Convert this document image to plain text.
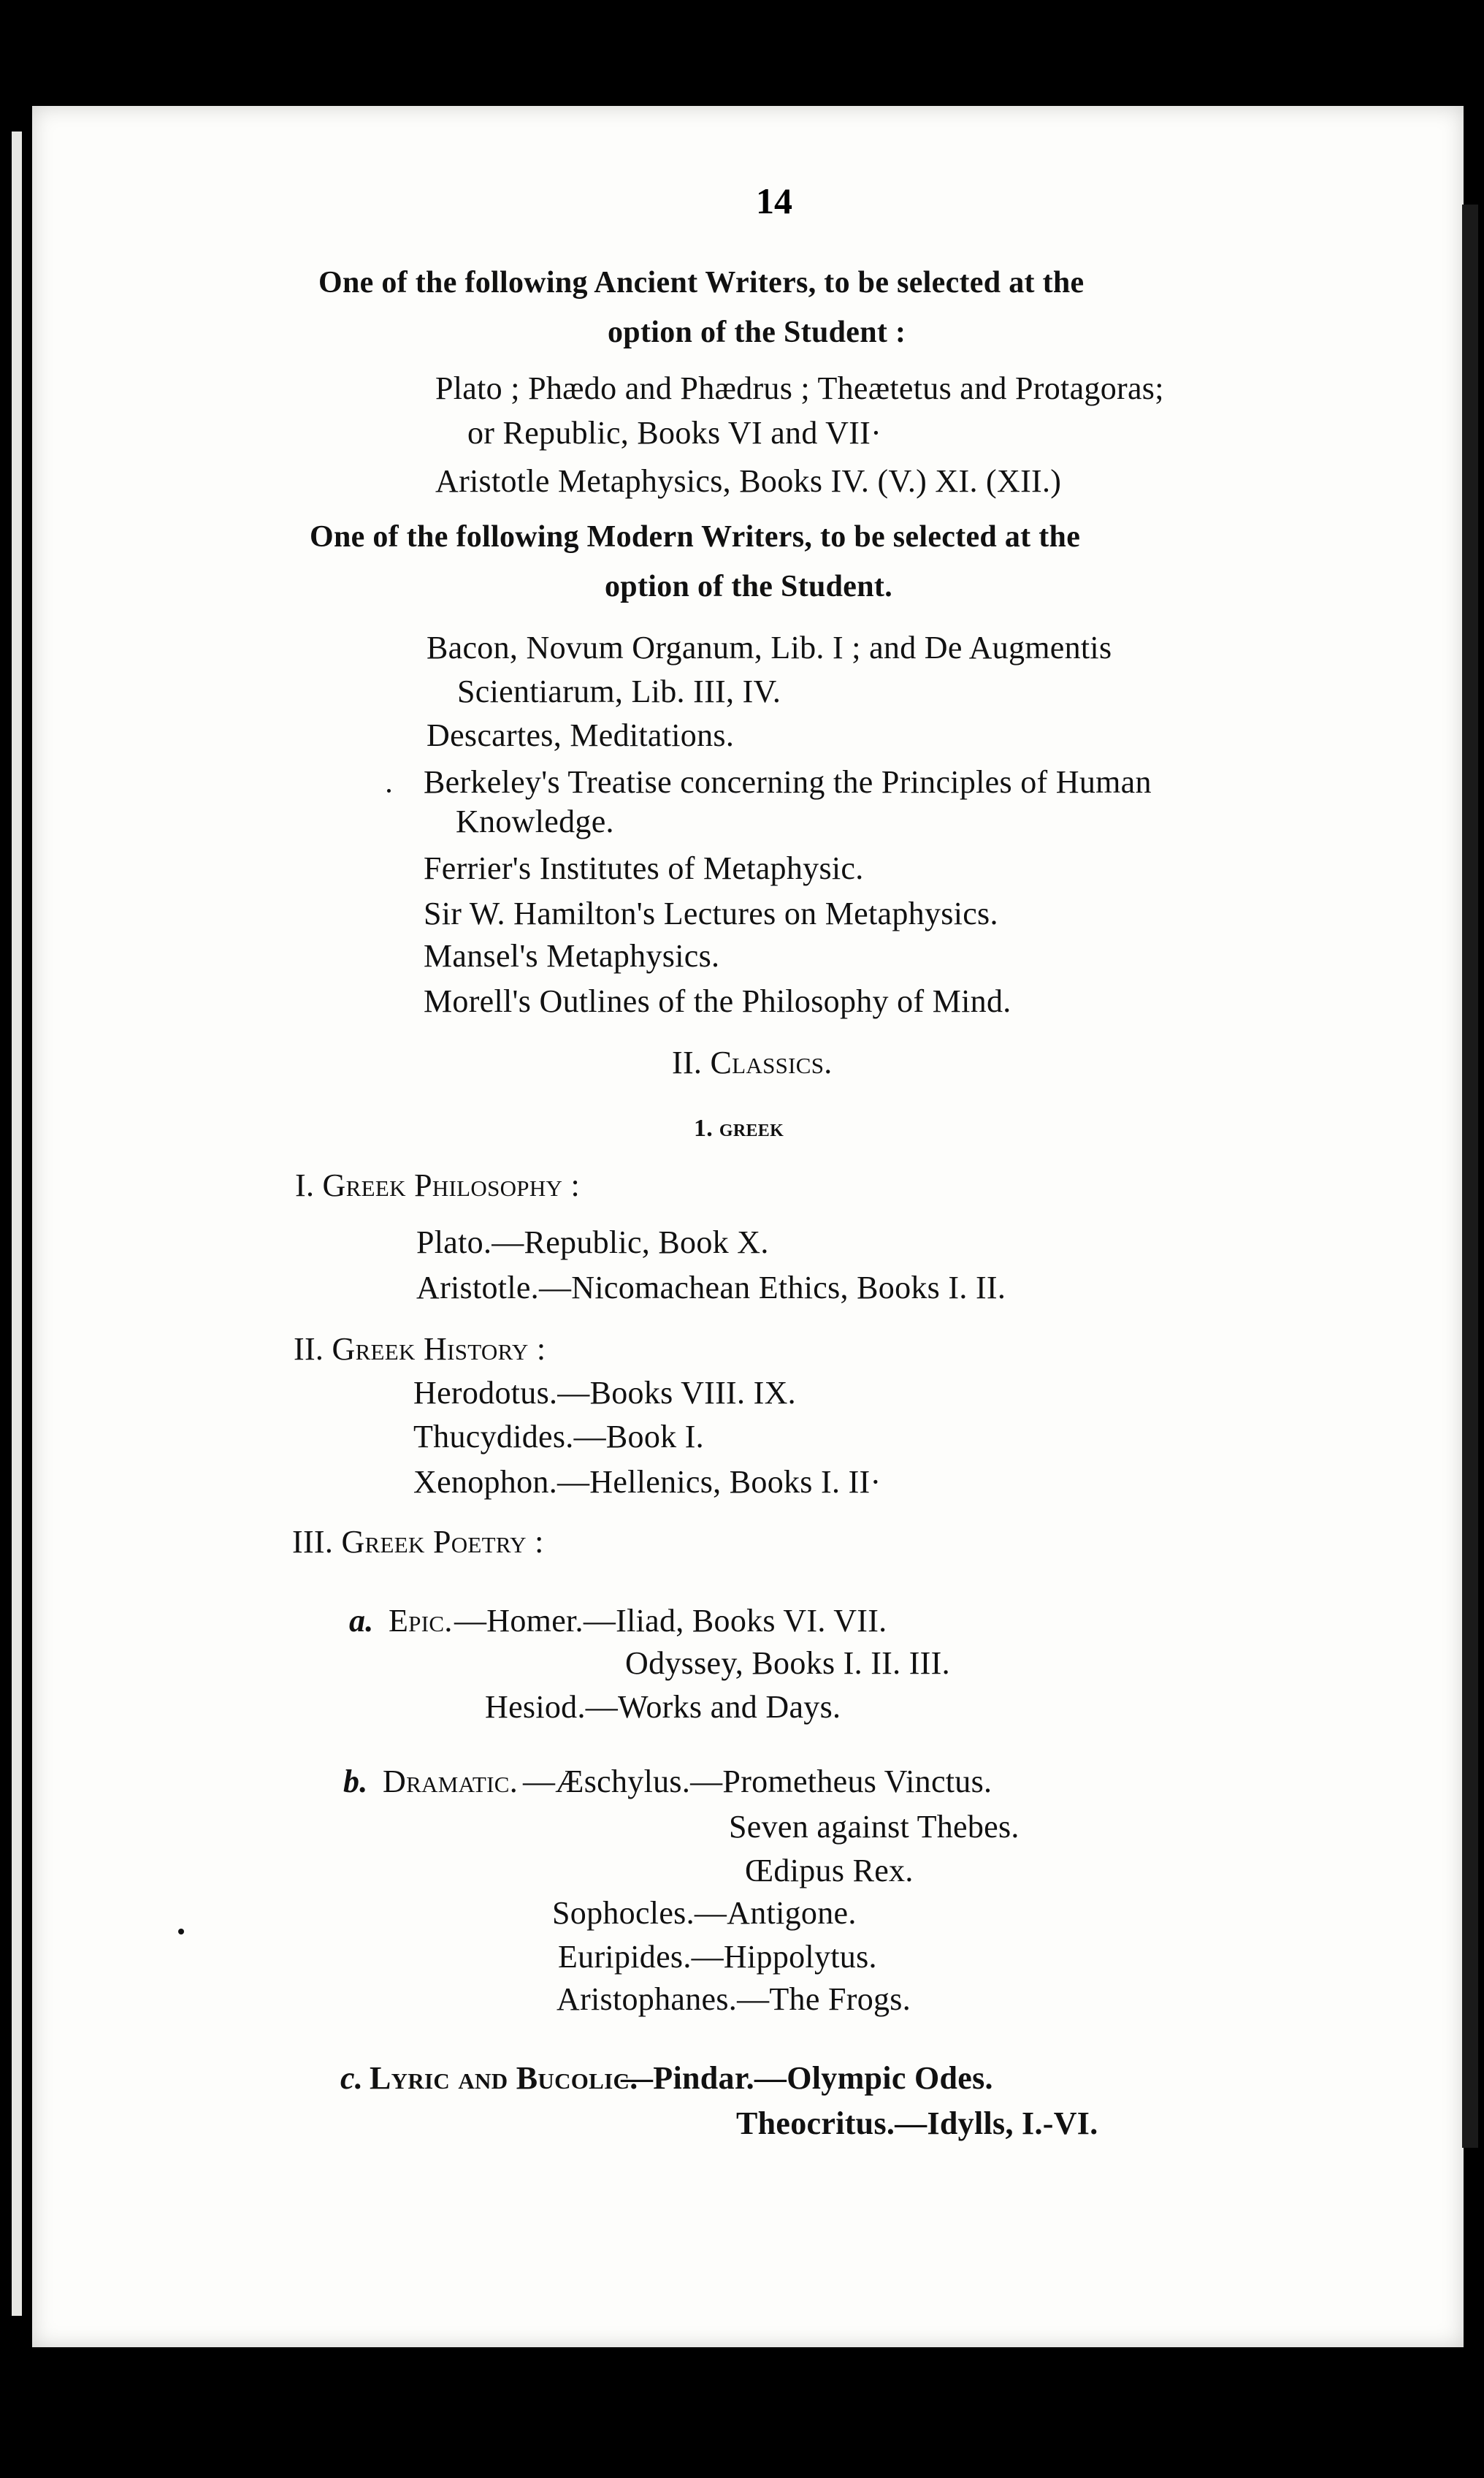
14
One of the following Ancient Writers, to be selected at the
option of the Student :
Plato ; Phædo and Phædrus ; Theætetus and Protagoras;
or Republic, Books VI and VII·
Aristotle Metaphysics, Books IV. (V.) XI. (XII.)
One of the following Modern Writers, to be selected at the
option of the Student.
Bacon, Novum Organum, Lib. I ; and De Augmentis
Scientiarum, Lib. III, IV.
Descartes, Meditations.
Berkeley's Treatise concerning the Principles of Human
Knowledge.
Ferrier's Institutes of Metaphysic.
Sir W. Hamilton's Lectures on Metaphysics.
Mansel's Metaphysics.
Morell's Outlines of the Philosophy of Mind.
II. Classics.
1. greek
I. Greek Philosophy :
Plato.—Republic, Book X.
Aristotle.—Nicomachean Ethics, Books I. II.
II. Greek History :
Herodotus.—Books VIII. IX.
Thucydides.—Book I.
Xenophon.—Hellenics, Books I. II·
III. Greek Poetry :
a. Epic. —Homer.—Iliad, Books VI. VII.
Odyssey, Books I. II. III.
Hesiod.—Works and Days.
b. Dramatic. —Æschylus.—Prometheus Vinctus.
Seven against Thebes.
Œdipus Rex.
Sophocles.—Antigone.
Euripides.—Hippolytus.
Aristophanes.—The Frogs.
c. Lyric and Bucolic.
—Pindar.—Olympic Odes.
Theocritus.—Idylls, I.-VI.
